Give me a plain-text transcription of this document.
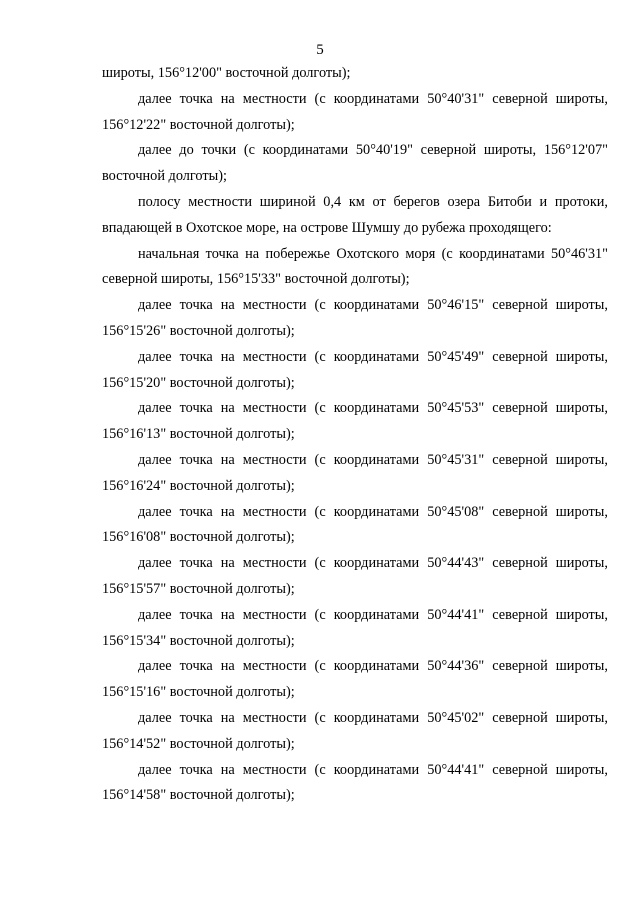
5

широты, 156°12'00" восточной долготы);

далее точка на местности (с координатами 50°40'31" северной широты, 156°12'22" восточной долготы);

далее до точки (с координатами 50°40'19" северной широты, 156°12'07" восточной долготы);

полосу местности шириной 0,4 км от берегов озера Битоби и протоки, впадающей в Охотское море, на острове Шумшу до рубежа проходящего:

начальная точка на побережье Охотского моря (с координатами 50°46'31" северной широты, 156°15'33" восточной долготы);

далее точка на местности (с координатами 50°46'15" северной широты, 156°15'26" восточной долготы);

далее точка на местности (с координатами 50°45'49" северной широты, 156°15'20" восточной долготы);

далее точка на местности (с координатами 50°45'53" северной широты, 156°16'13" восточной долготы);

далее точка на местности (с координатами 50°45'31" северной широты, 156°16'24" восточной долготы);

далее точка на местности (с координатами 50°45'08" северной широты, 156°16'08" восточной долготы);

далее точка на местности (с координатами 50°44'43" северной широты, 156°15'57" восточной долготы);

далее точка на местности (с координатами 50°44'41" северной широты, 156°15'34" восточной долготы);

далее точка на местности (с координатами 50°44'36" северной широты, 156°15'16" восточной долготы);

далее точка на местности (с координатами 50°45'02" северной широты, 156°14'52" восточной долготы);

далее точка на местности (с координатами 50°44'41" северной широты, 156°14'58" восточной долготы);
